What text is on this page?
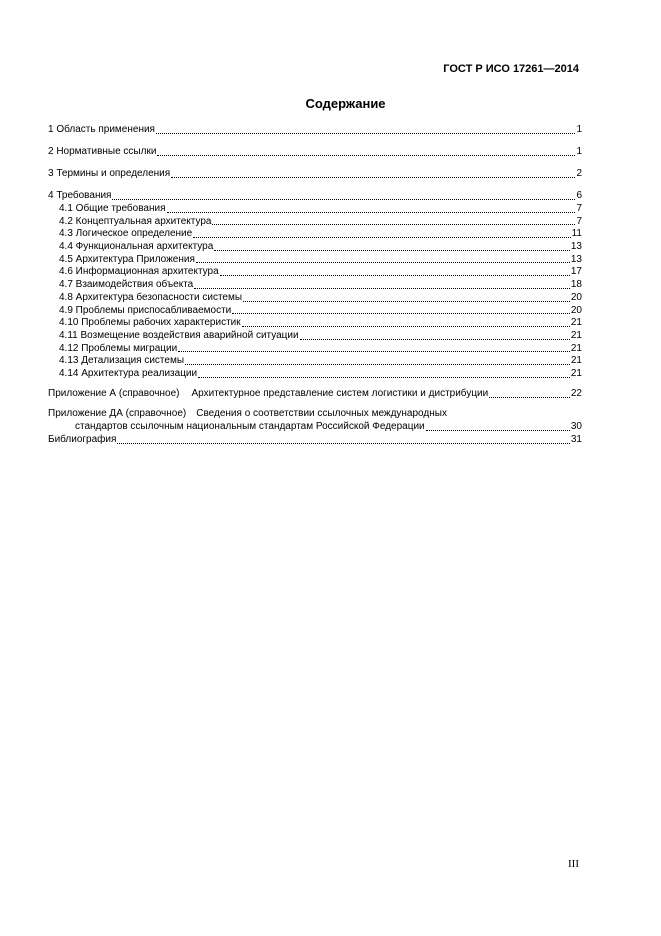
ГОСТ Р ИСО 17261—2014
Содержание
1 Область применения	1
2 Нормативные ссылки	1
3 Термины и определения	2
4 Требования	6
4.1 Общие требования	7
4.2 Концептуальная архитектура	7
4.3 Логическое определение	11
4.4 Функциональная архитектура	13
4.5 Архитектура Приложения	13
4.6 Информационная архитектура	17
4.7 Взаимодействия объекта	18
4.8 Архитектура безопасности системы	20
4.9 Проблемы приспосабливаемости	20
4.10 Проблемы рабочих характеристик	21
4.11 Возмещение воздействия аварийной ситуации	21
4.12 Проблемы миграции	21
4.13 Детализация системы	21
4.14 Архитектура реализации	21
Приложение А (справочное) Архитектурное представление систем логистики и дистрибуции	22
Приложение ДА (справочное) Сведения о соответствии ссылочных международных
стандартов ссылочным национальным стандартам Российской Федерации	30
Библиография	31
III
